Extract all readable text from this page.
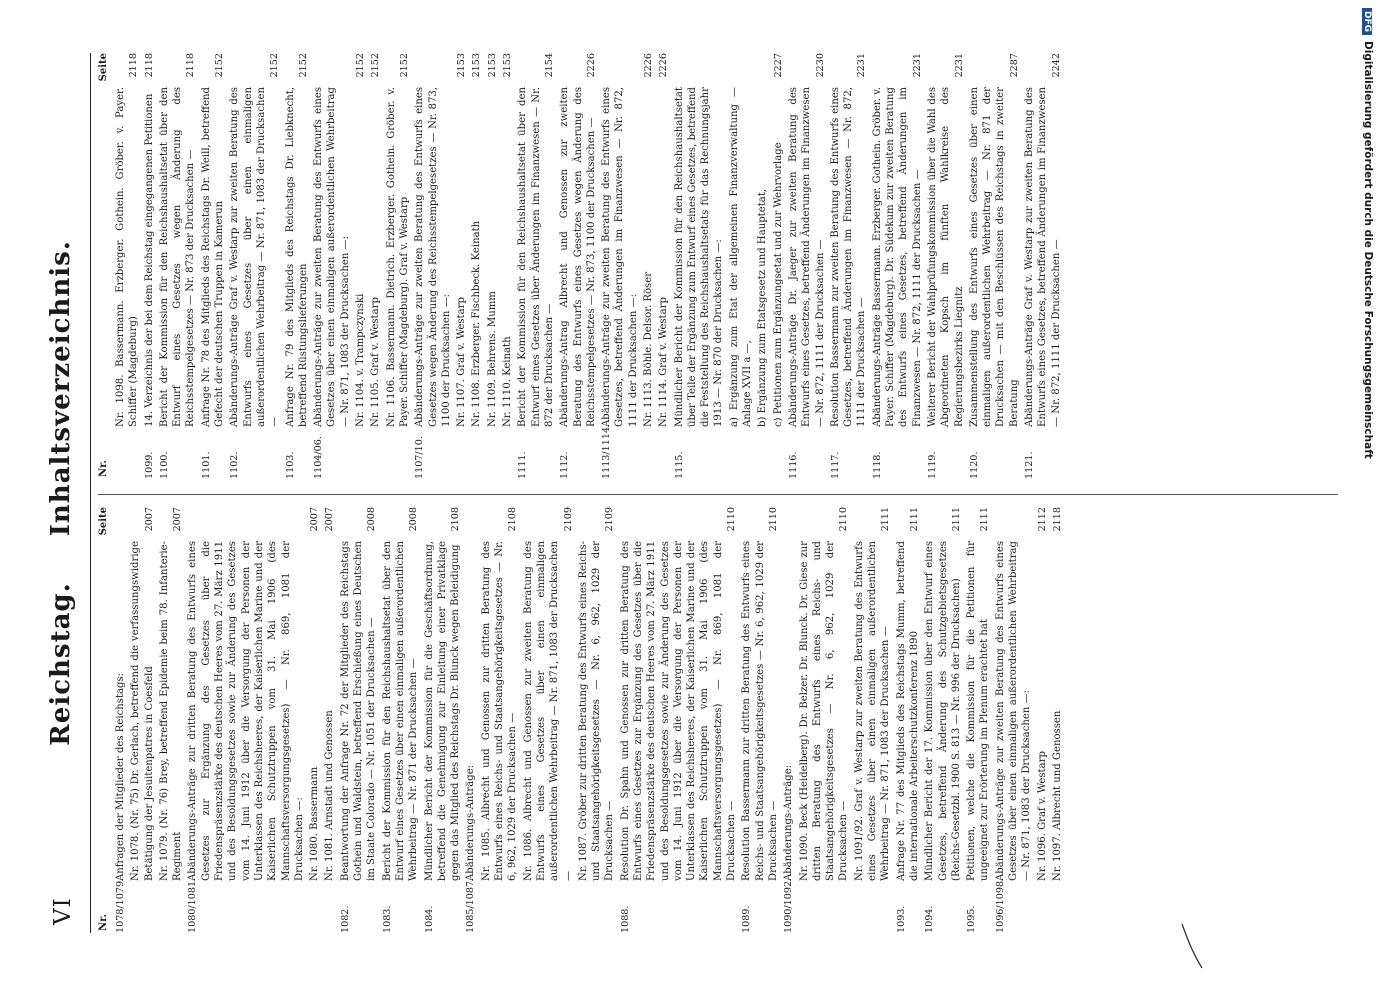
VI
Reichstag. Inhaltsverzeichnis.
Nr.
Seite
1078/1079.
Anfragen der Mitglieder des Reichstags: Nr. 1078. (Nr. 75) Dr. Gerlach, betreffend die verfassungswidrige Betätigung der Jesuitenpatres in Coesfeld
2007
Nr. 1079. (Nr. 76) Brey, betreffend Epidemie beim 78. Infanterie-Regiment
2007
1080/1081.
Abänderungs-Anträge zur dritten Beratung des Entwurfs eines Gesetzes zur Ergänzung des Gesetzes über die Friedenspräsenzstärke des deutschen Heeres vom 27. März 1911 und des Besoldungsgesetzes sowie zur Änderung des Gesetzes vom 14. Juni 1912 über die Versorgung der Personen der Unterklassen des Reichsheeres, der Kaiserlichen Marine und der Kaiserlichen Schutztruppen vom 31. Mai 1906 (des Mannschaftsversorgungsgesetzes) — Nr. 869, 1081 der Drucksachen —: Nr. 1080. Bassermann
2007
Nr. 1081. Arnstadt und Genossen
2007
1082.
Beantwortung der Anfrage Nr. 72 der Mitglieder des Reichstags Gothein und Waldstein, betreffend Erschießung eines Deutschen im Staate Colorado — Nr. 1051 der Drucksachen —
2008
1083.
Bericht der Kommission für den Reichshaushaltsetat über den Entwurf eines Gesetzes über einen einmaligen außerordentlichen Wehrbeitrag — Nr. 871 der Drucksachen —
2008
1084.
Mündlicher Bericht der Kommission für die Geschäftsordnung, betreffend die Genehmigung zur Einleitung einer Privatklage gegen das Mitglied des Reichstags Dr. Blunck wegen Beleidigung
2108
1085/1087.
Abänderungs-Anträge: Nr. 1085. Albrecht und Genossen zur dritten Beratung des Entwurfs eines Reichs- und Staatsangehörigkeitsgesetzes — Nr. 6, 962, 1029 der Drucksachen —
2108
Nr. 1086. Albrecht und Genossen zur zweiten Beratung des Entwurfs eines Gesetzes über einen einmaligen außerordentlichen Wehrbeitrag — Nr. 871, 1083 der Drucksachen —
2109
Nr. 1087. Gröber zur dritten Beratung des Entwurfs eines Reichs- und Staatsangehörigkeitsgesetzes — Nr. 6, 962, 1029 der Drucksachen —
2109
1088.
Resolution Dr. Spahn und Genossen zur dritten Beratung des Entwurfs eines Gesetzes zur Ergänzung des Gesetzes über die Friedenspräsenzstärke des deutschen Heeres vom 27. März 1911 und des Besoldungsgesetzes sowie zur Änderung des Gesetzes vom 14. Juni 1912 über die Versorgung der Personen der Unterklassen des Reichsheeres, der Kaiserlichen Marine und der Kaiserlichen Schutztruppen vom 31. Mai 1906 (des Mannschaftsversorgungsgesetzes) — Nr. 869, 1081 der Drucksachen —
2110
1089.
Resolution Bassermann zur dritten Beratung des Entwurfs eines Reichs- und Staatsangehörigkeitsgesetzes — Nr. 6, 962, 1029 der Drucksachen —
2110
1090/1092.
Abänderungs-Anträge: Nr. 1090. Beck (Heidelberg). Dr. Belzer. Dr. Blunck. Dr. Giese zur dritten Beratung des Entwurfs eines Reichs- und Staatsangehörigkeitsgesetzes — Nr. 6, 962, 1029 der Drucksachen —
2110
Nr. 1091/92. Graf v. Westarp zur zweiten Beratung des Entwurfs eines Gesetzes über einen einmaligen außerordentlichen Wehrbeitrag — Nr. 871, 1083 der Drucksachen —
2111
1093.
Anfrage Nr. 77 des Mitglieds des Reichstags Mumm, betreffend die internationale Arbeiterschutzkonferenz 1890
2111
1094.
Mündlicher Bericht der 17. Kommission über den Entwurf eines Gesetzes, betreffend Änderung des Schutzgebietsgesetzes (Reichs-Gesetzbl. 1900 S. 813 — Nr. 996 der Drucksachen)
2111
1095.
Petitionen, welche die Kommission für die Petitionen für ungeeignet zur Erörterung im Plenum erachtet hat
2111
1096/1098.
Abänderungs-Anträge zur zweiten Beratung des Entwurfs eines Gesetzes über einen einmaligen außerordentlichen Wehrbeitrag — Nr. 871, 1083 der Drucksachen —: Nr. 1096. Graf v. Westarp
2112
Nr. 1097. Albrecht und Genossen
2118
Nr.
Seite
Nr. 1098. Bassermann. Erzberger. Gothein. Gröber. v. Payer. Schiffer (Magdeburg)
2118
1099.
14. Verzeichnis der bei dem Reichstag eingegangenen Petitionen
2118
1100.
Bericht der Kommission für den Reichshaushaltsetat über den Entwurf eines Gesetzes wegen Änderung des Reichsstempelgesetzes — Nr. 873 der Drucksachen —
2118
1101.
Anfrage Nr. 78 des Mitglieds des Reichstags Dr. Weill, betreffend Gefecht der deutschen Truppen in Kamerun
2152
1102.
Abänderungs-Anträge Graf v. Westarp zur zweiten Beratung des Entwurfs eines Gesetzes über einen einmaligen außerordentlichen Wehrbeitrag — Nr. 871, 1083 der Drucksachen —
2152
1103.
Anfrage Nr. 79 des Mitglieds des Reichstags Dr. Liebknecht, betreffend Rüstungslieferungen
2152
1104/06.
Abänderungs-Anträge zur zweiten Beratung des Entwurfs eines Gesetzes über einen einmaligen außerordentlichen Wehrbeitrag — Nr. 871, 1083 der Drucksachen —: Nr. 1104. v. Trampczynski
2152
Nr. 1105. Graf v. Westarp
2152
Nr. 1106. Bassermann. Dietrich. Erzberger. Gothein. Gröber. v. Payer. Schiffer (Magdeburg). Graf v. Westarp
2152
1107/10.
Abänderungs-Anträge zur zweiten Beratung des Entwurfs eines Gesetzes wegen Änderung des Reichsstempelgesetzes — Nr. 873, 1100 der Drucksachen —: Nr. 1107. Graf v. Westarp
2153
Nr. 1108. Erzberger. Fischbeck. Keinath
2153
Nr. 1109. Behrens. Mumm
2153
Nr. 1110. Keinath
2153
1111.
Bericht der Kommission für den Reichshaushaltsetat über den Entwurf eines Gesetzes über Änderungen im Finanzwesen — Nr. 872 der Drucksachen —
2154
1112.
Abänderungs-Antrag Albrecht und Genossen zur zweiten Beratung des Entwurfs eines Gesetzes wegen Änderung des Reichsstempelgesetzes — Nr. 873, 1100 der Drucksachen —
2226
1113/1114.
Abänderungs-Anträge zur zweiten Beratung des Entwurfs eines Gesetzes, betreffend Änderungen im Finanzwesen — Nr. 872, 1111 der Drucksachen —: Nr. 1113. Böhle. Delsor. Röser
2226
Nr. 1114. Graf v. Westarp
2226
1115.
Mündlicher Bericht der Kommission für den Reichshaushaltsetat über Teile der Ergänzung zum Entwurf eines Gesetzes, betreffend die Feststellung des Reichshaushaltsetats für das Rechnungsjahr 1913 — Nr. 870 der Drucksachen —: a) Ergänzung zum Etat der allgemeinen Finanzverwaltung — Anlage XVII a —, b) Ergänzung zum Etatsgesetz und Hauptetat, c) Petitionen zum Ergänzungsetat und zur Wehrvorlage
2227
1116.
Abänderungs-Anträge Dr. Jaeger zur zweiten Beratung des Entwurfs eines Gesetzes, betreffend Änderungen im Finanzwesen — Nr. 872, 1111 der Drucksachen —
2230
1117.
Resolution Bassermann zur zweiten Beratung des Entwurfs eines Gesetzes, betreffend Änderungen im Finanzwesen — Nr. 872, 1111 der Drucksachen —
2231
1118.
Abänderungs-Anträge Bassermann. Erzberger. Gothein. Gröber. v. Payer. Schiffer (Magdeburg). Dr. Südekum zur zweiten Beratung des Entwurfs eines Gesetzes, betreffend Änderungen im Finanzwesen — Nr. 872, 1111 der Drucksachen —
2231
1119.
Weiterer Bericht der Wahlprüfungskommission über die Wahl des Abgeordneten Kopsch im fünften Wahlkreise des Regierungsbezirks Liegnitz
2231
1120.
Zusammenstellung des Entwurfs eines Gesetzes über einen einmaligen außerordentlichen Wehrbeitrag — Nr. 871 der Drucksachen — mit den Beschlüssen des Reichstags in zweiter Beratung
2287
1121.
Abänderungs-Anträge Graf v. Westarp zur zweiten Beratung des Entwurfs eines Gesetzes, betreffend Änderungen im Finanzwesen — Nr. 872, 1111 der Drucksachen —
2242
DFGDigitalisierung gefördert durch die Deutsche Forschungsgemeinschaft
